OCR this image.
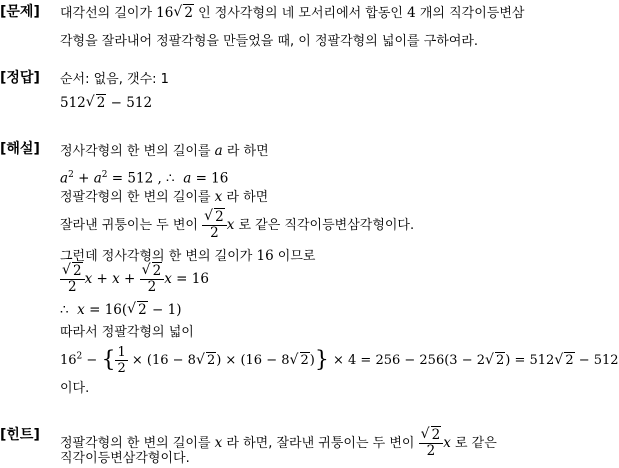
[문제] 대각선의 길이가 16√ 2 인 정사각형의 네 모서리에서 합동인 4 개의 직각이등변삼
각형을 잘라내어 정팔각형을 만들었을 때, 이 정팔각형의 넓이를 구하여라.
[정답] 순서: 없음, 갯수: 1
512√ 2 − 512
[해설] 정사각형의 한 변의 길이를 a 라 하면
$a^2 + a^2 = 512$ , ∴  a = 16
정팔각형의 한 변의 길이를 x 라 하면
잘라낸 귀퉁이는 두 변이
√ $\frac{2}{2}$ x 로 같은 직각이등변삼각형이다.
그런데 정사각형의 한 변의 길이가 16 이므로
√ $\frac{2}{2}$ x + x +
√ $\frac{2}{2}$ x = 16
∴  x = 16(√ 2 − 1)
따라서 정팔각형의 넓이
$16^2$ − { $\frac{1}{2} \times (16 - 8√$ 2) × (16 − 8√ 2)} × 4 = 256 − 256(3 − 2√ 2) = 512√ 2 − 512
이다.
[힌트]
정팔각형의 한 변의 길이를 x 라 하면, 잘라낸 귀퉁이는 두 변이
√ $\frac{2}{2}$ x 로 같은
직각이등변삼각형이다.
